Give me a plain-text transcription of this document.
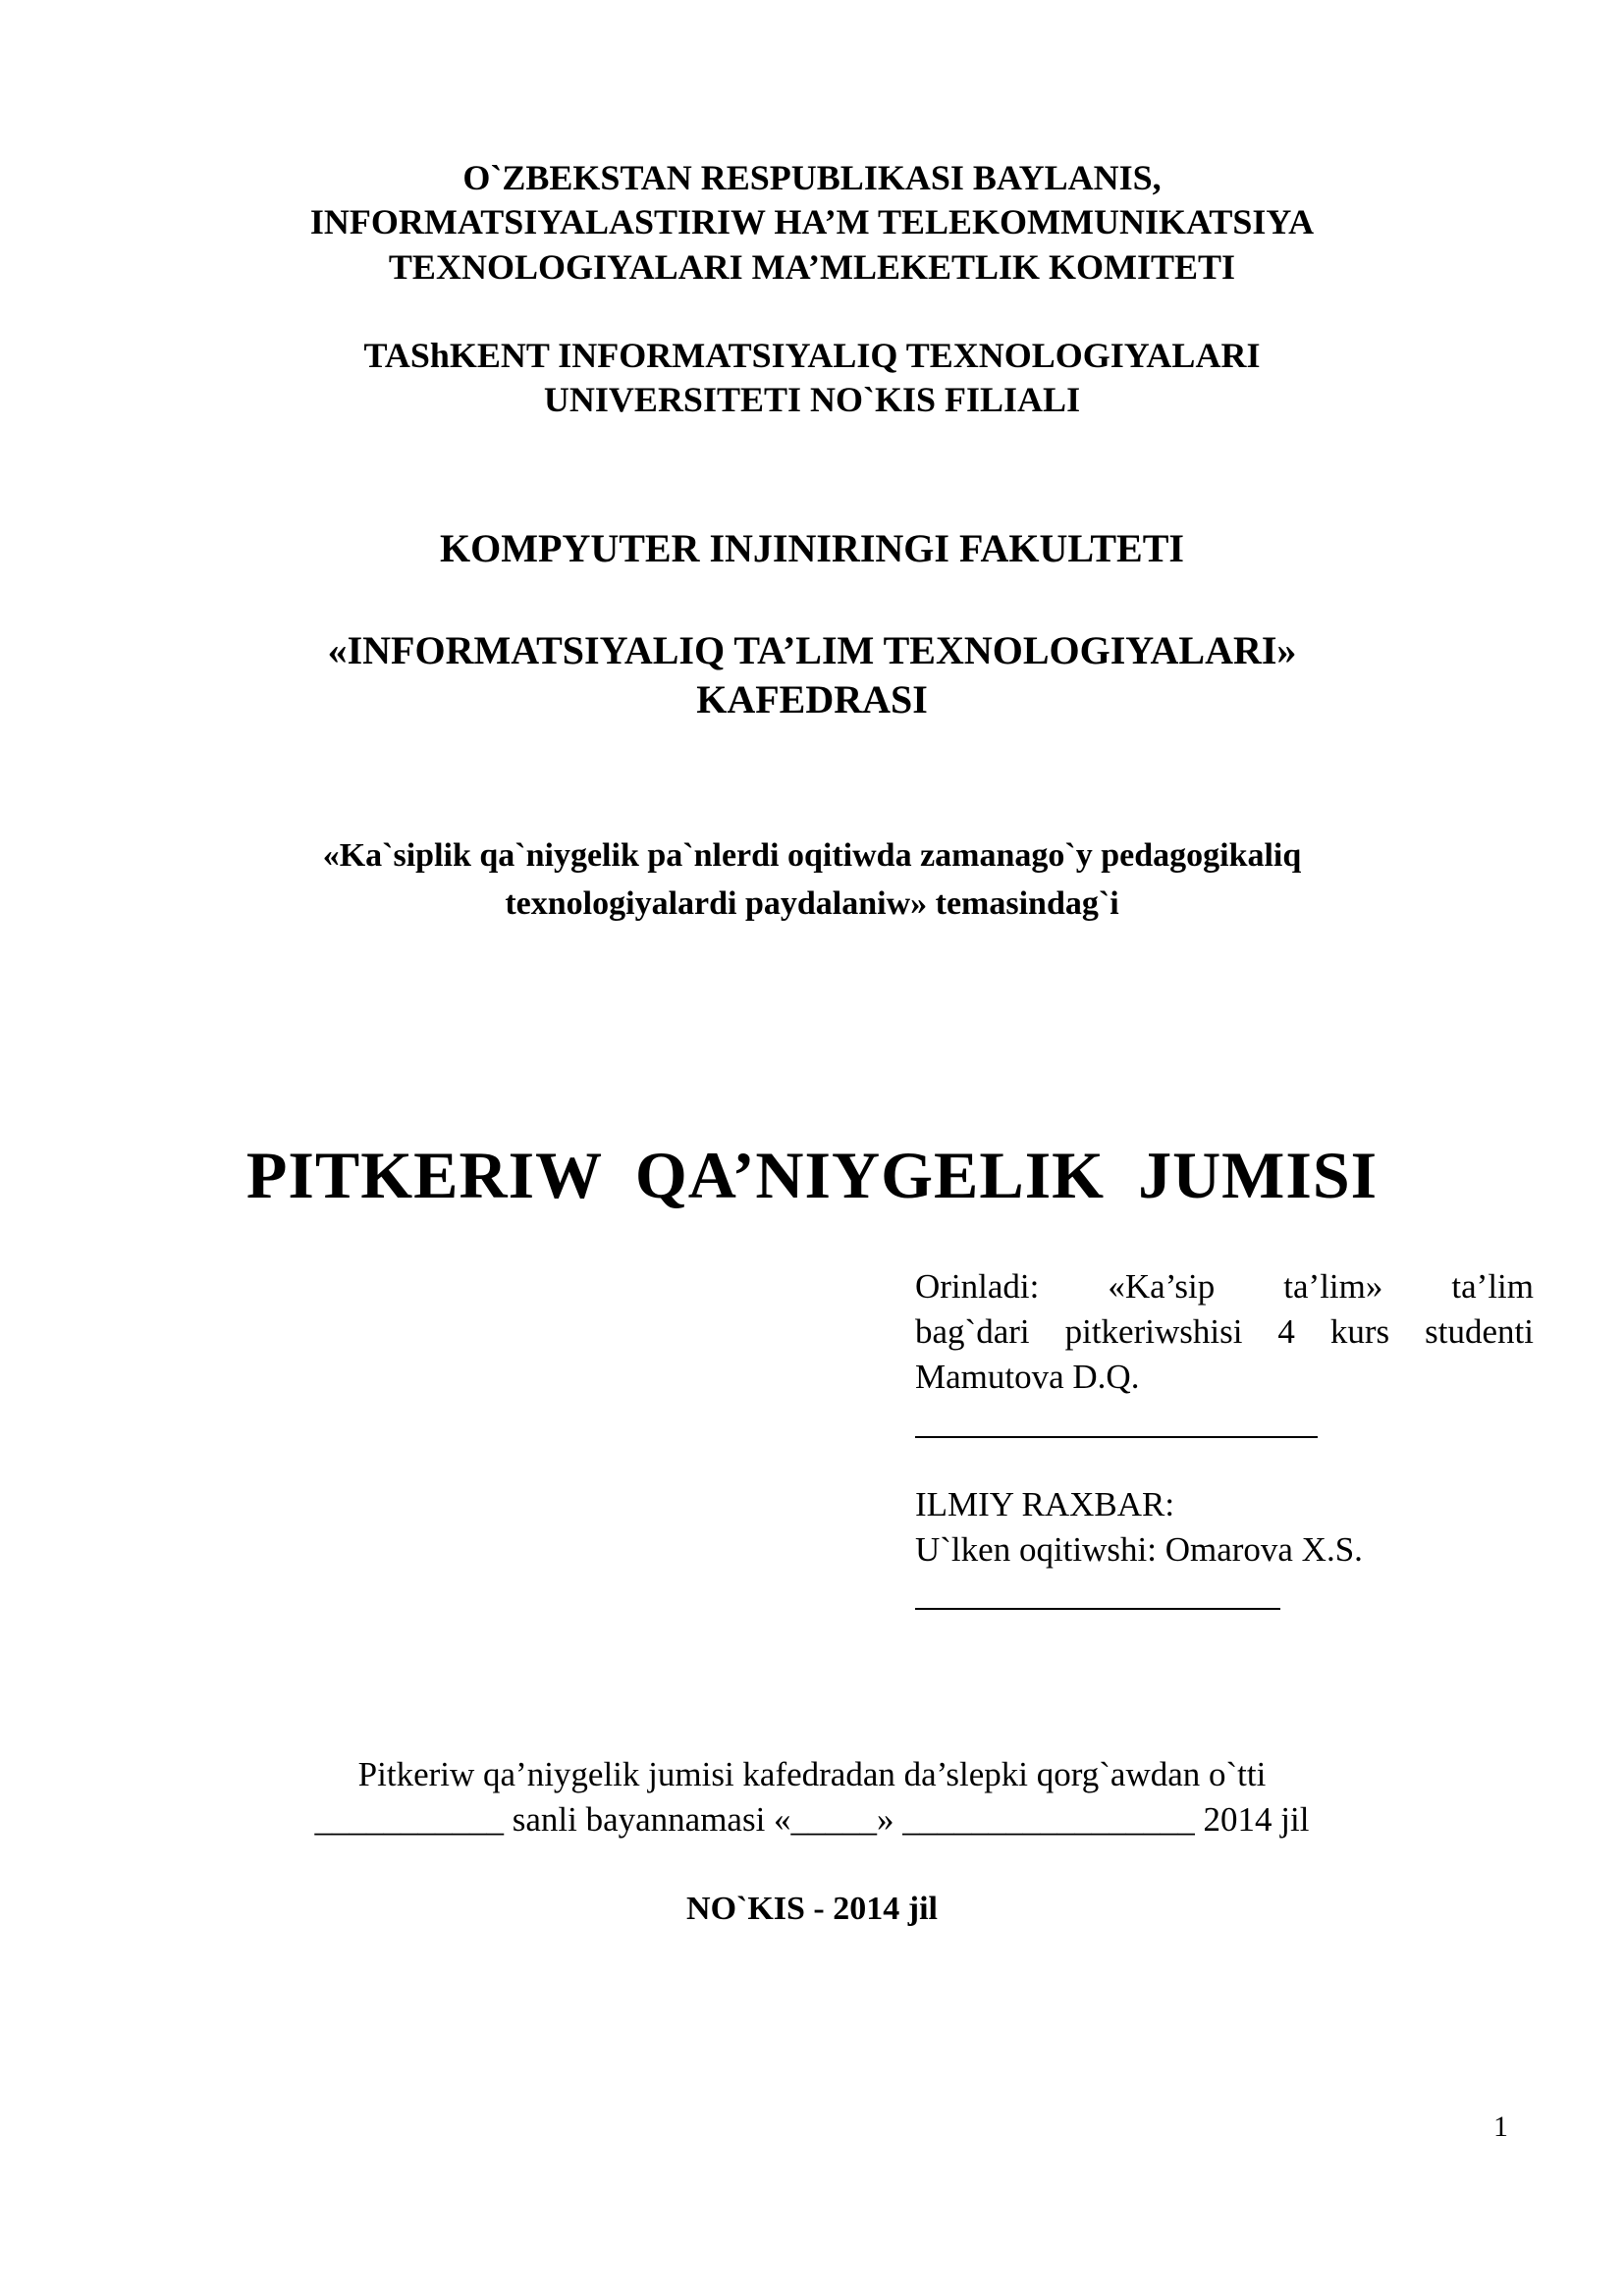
O`ZBEKSTAN RESPUBLIKASI BAYLANIS,
INFORMATSIYALASTIRIW HA’M TELEKOMMUNIKATSIYA
TEXNOLOGIYALARI MA’MLEKETLIK KOMITETI
TAShKENT INFORMATSIYALIQ TEXNOLOGIYALARI
UNIVERSITETI NO`KIS FILIALI
KOMPYUTER INJINIRINGI FAKULTETI
«INFORMATSIYALIQ TA’LIM TEXNOLOGIYALARI»
KAFEDRASI
«Ka`siplik qa`niygelik pa`nlerdi oqitiwda zamanago`y pedagogikaliq
texnologiyalardi paydalaniw» temasindag`i
PITKERIW QA’NIYGELIK JUMISI
Orinladi: «Ka’sip ta’lim» ta’lim
bag`dari pitkeriwshisi 4 kurs studenti
Mamutova D.Q.
ILMIY RAXBAR:
U`lken oqitiwshi: Omarova X.S.
Pitkeriw qa’niygelik jumisi kafedradan da’slepki qorg`awdan o`tti
___________ sanli bayannamasi «_____» _________________ 2014 jil
NO`KIS - 2014 jil
1
